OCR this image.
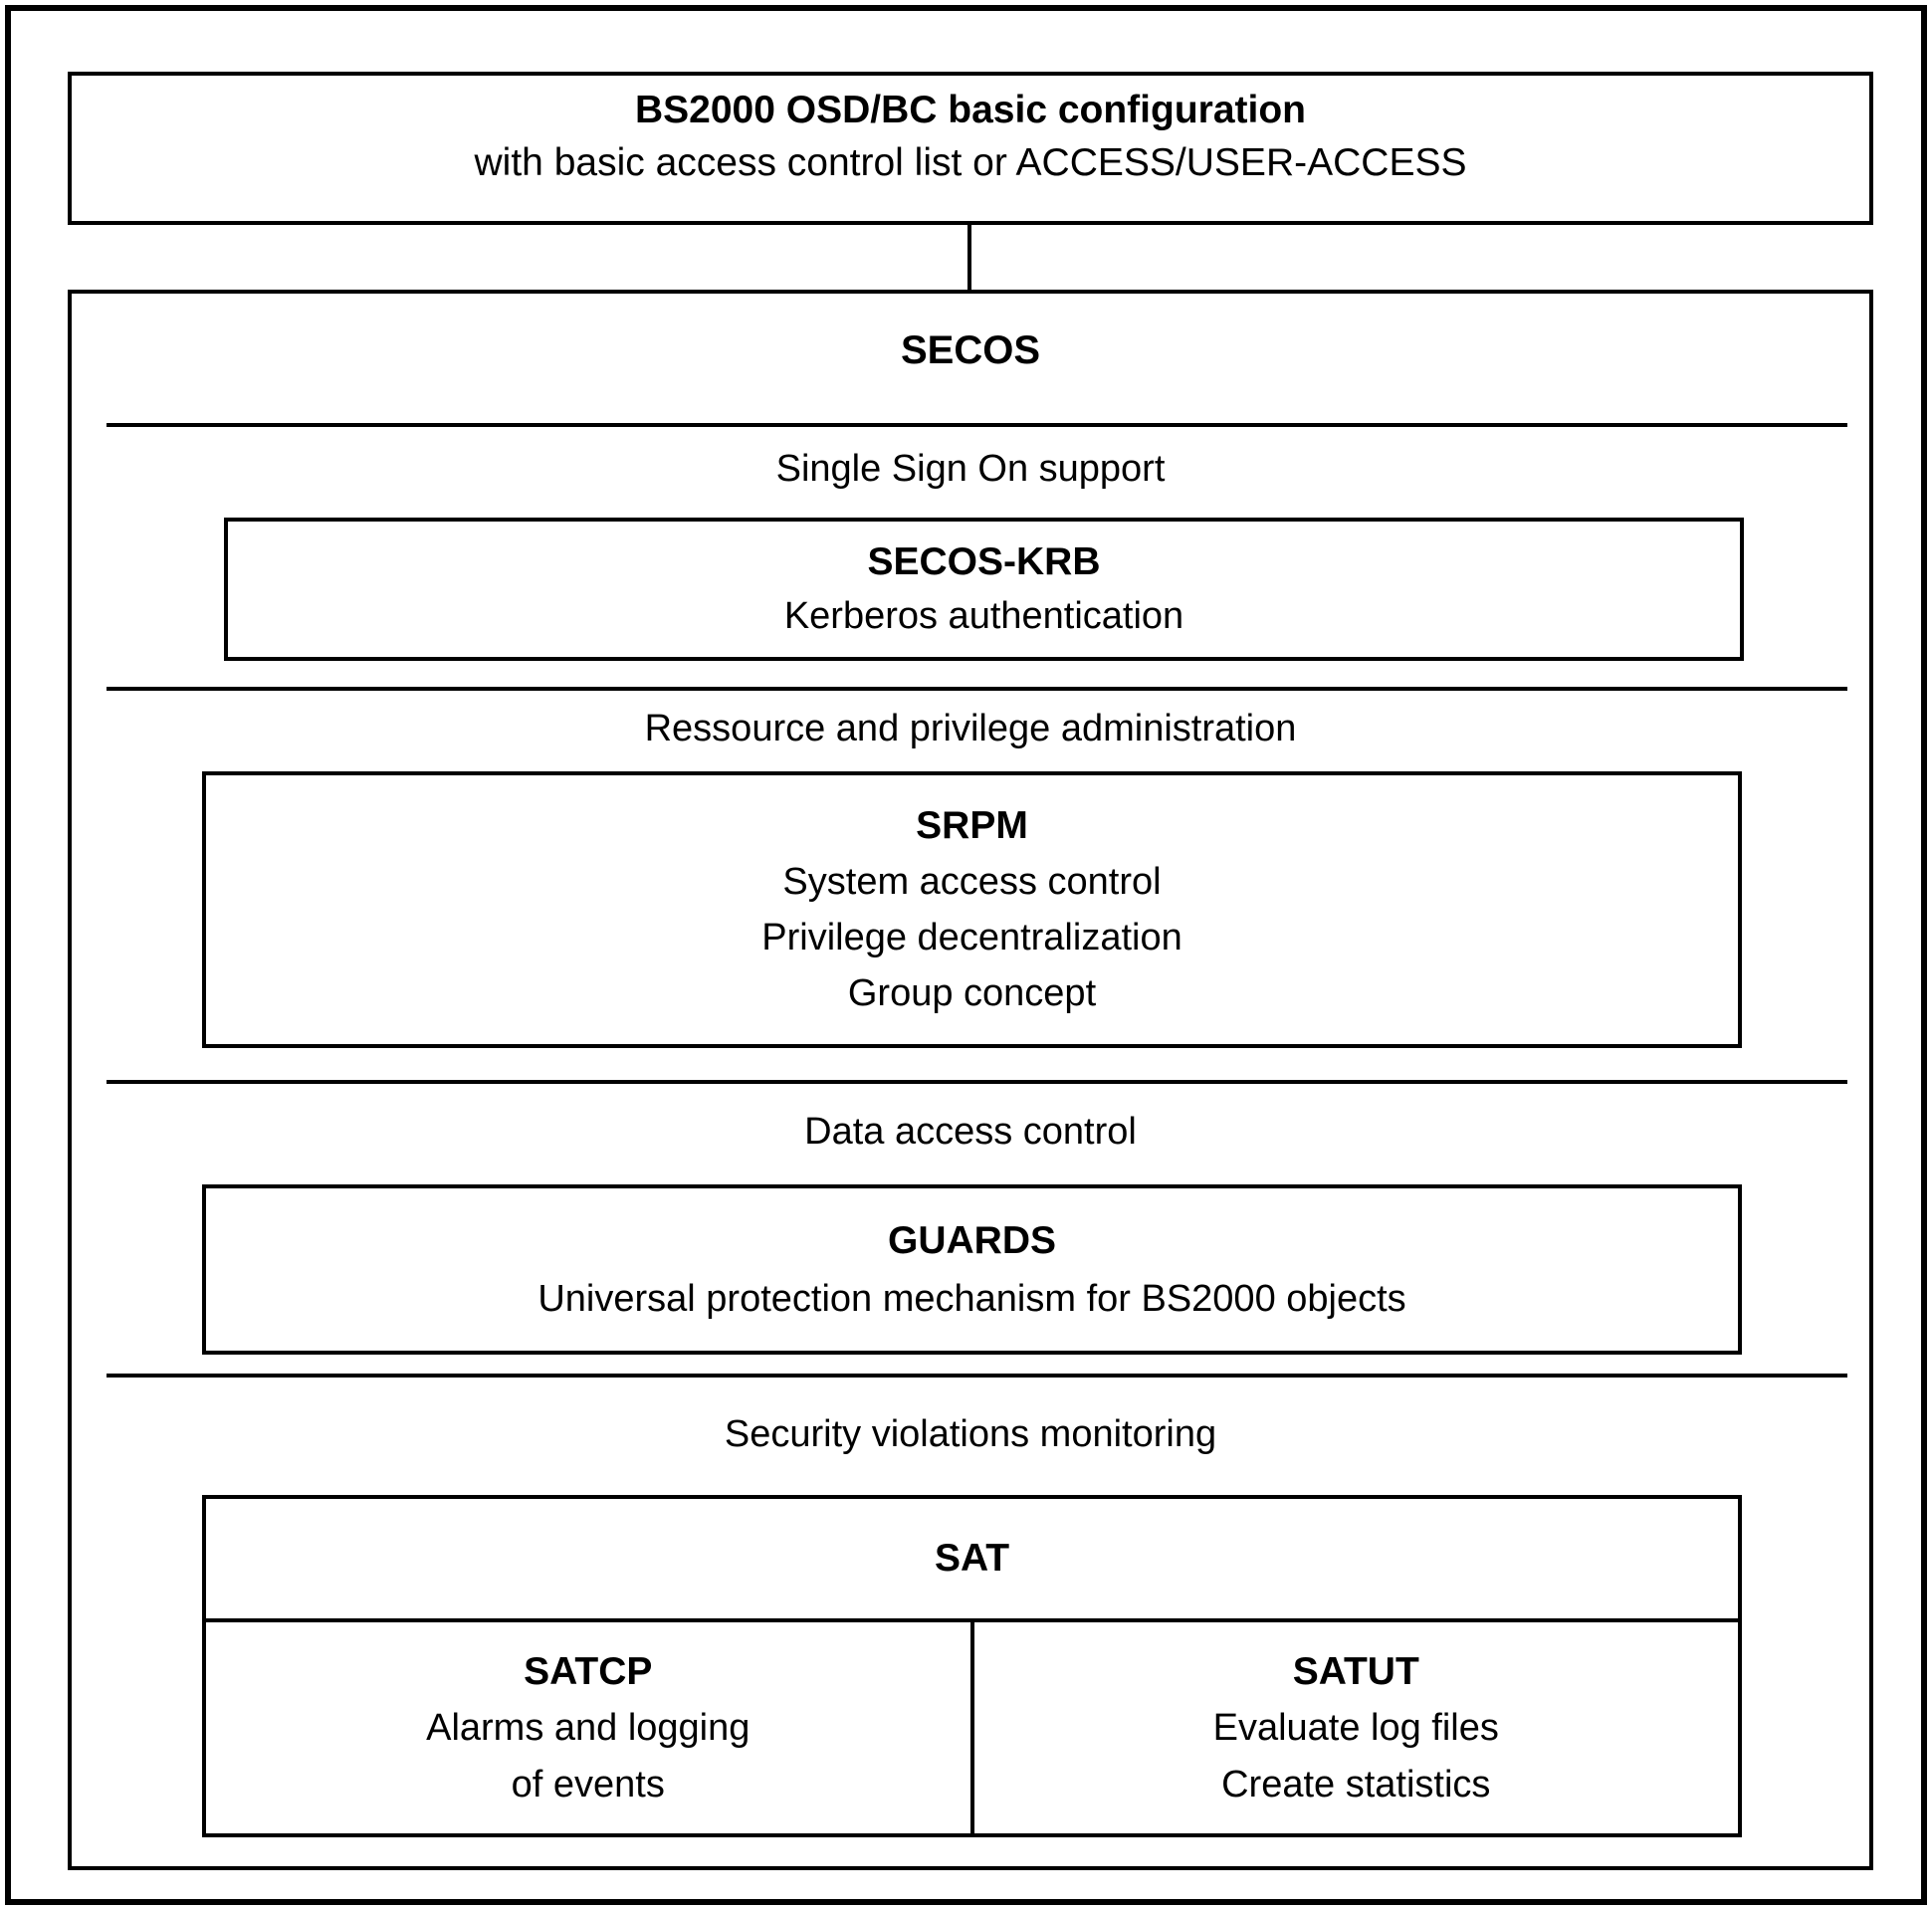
BS2000 OSD/BC basic configuration
with basic access control list or ACCESS/USER-ACCESS
SECOS
Single Sign On support
SECOS-KRB
Kerberos authentication
Ressource and privilege administration
SRPM
System access control
Privilege decentralization
Group concept
Data access control
GUARDS
Universal protection mechanism for BS2000 objects
Security violations monitoring
SAT
SATCP
Alarms and logging
of events
SATUT
Evaluate log files
Create statistics
